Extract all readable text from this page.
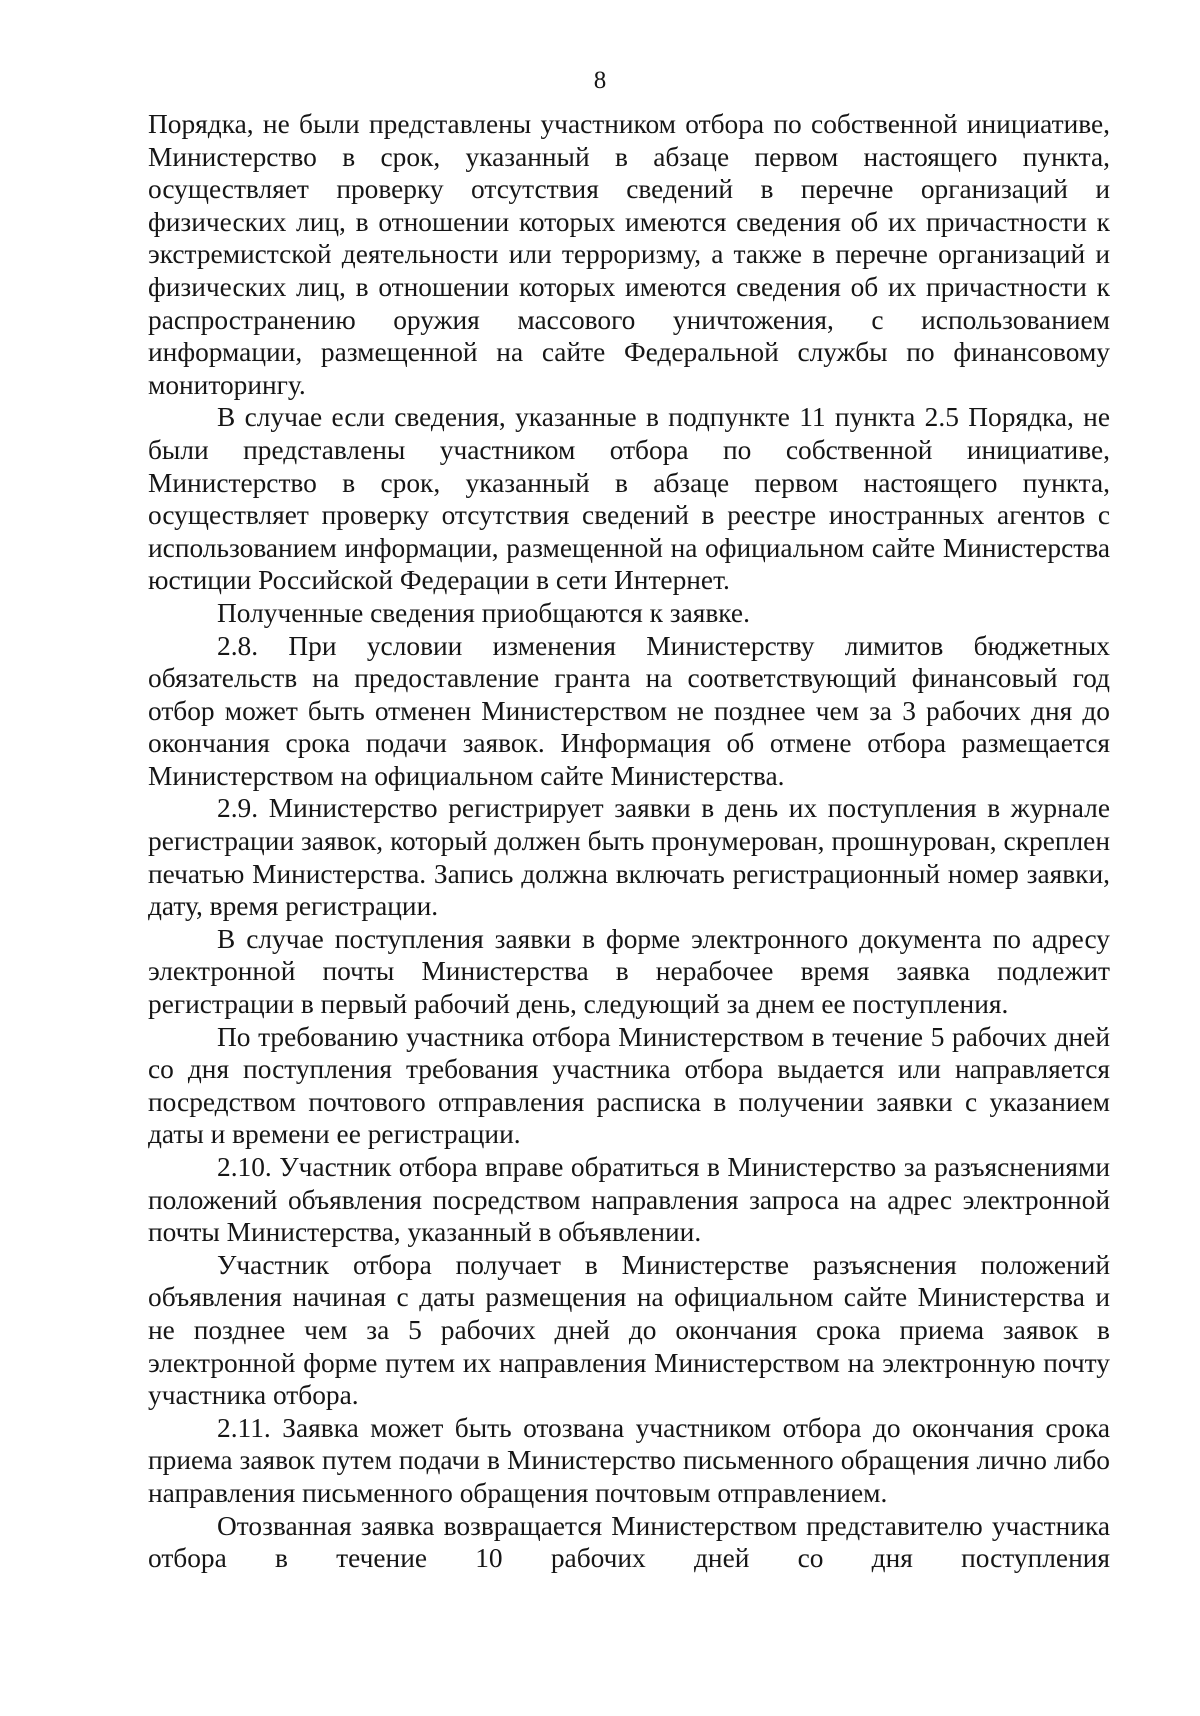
8

Порядка, не были представлены участником отбора по собственной инициативе, Министерство в срок, указанный в абзаце первом настоящего пункта, осуществляет проверку отсутствия сведений в перечне организаций и физических лиц, в отношении которых имеются сведения об их причастности к экстремистской деятельности или терроризму, а также в перечне организаций и физических лиц, в отношении которых имеются сведения об их причастности к распространению оружия массового уничтожения, с использованием информации, размещенной на сайте Федеральной службы по финансовому мониторингу.

В случае если сведения, указанные в подпункте 11 пункта 2.5 Порядка, не были представлены участником отбора по собственной инициативе, Министерство в срок, указанный в абзаце первом настоящего пункта, осуществляет проверку отсутствия сведений в реестре иностранных агентов с использованием информации, размещенной на официальном сайте Министерства юстиции Российской Федерации в сети Интернет.

Полученные сведения приобщаются к заявке.

2.8. При условии изменения Министерству лимитов бюджетных обязательств на предоставление гранта на соответствующий финансовый год отбор может быть отменен Министерством не позднее чем за 3 рабочих дня до окончания срока подачи заявок. Информация об отмене отбора размещается Министерством на официальном сайте Министерства.

2.9. Министерство регистрирует заявки в день их поступления в журнале регистрации заявок, который должен быть пронумерован, прошнурован, скреплен печатью Министерства. Запись должна включать регистрационный номер заявки, дату, время регистрации.

В случае поступления заявки в форме электронного документа по адресу электронной почты Министерства в нерабочее время заявка подлежит регистрации в первый рабочий день, следующий за днем ее поступления.

По требованию участника отбора Министерством в течение 5 рабочих дней со дня поступления требования участника отбора выдается или направляется посредством почтового отправления расписка в получении заявки с указанием даты и времени ее регистрации.

2.10. Участник отбора вправе обратиться в Министерство за разъяснениями положений объявления посредством направления запроса на адрес электронной почты Министерства, указанный в объявлении.

Участник отбора получает в Министерстве разъяснения положений объявления начиная с даты размещения на официальном сайте Министерства и не позднее чем за 5 рабочих дней до окончания срока приема заявок в электронной форме путем их направления Министерством на электронную почту участника отбора.

2.11. Заявка может быть отозвана участником отбора до окончания срока приема заявок путем подачи в Министерство письменного обращения лично либо направления письменного обращения почтовым отправлением.

Отозванная заявка возвращается Министерством представителю участника отбора в течение 10 рабочих дней со дня поступления
